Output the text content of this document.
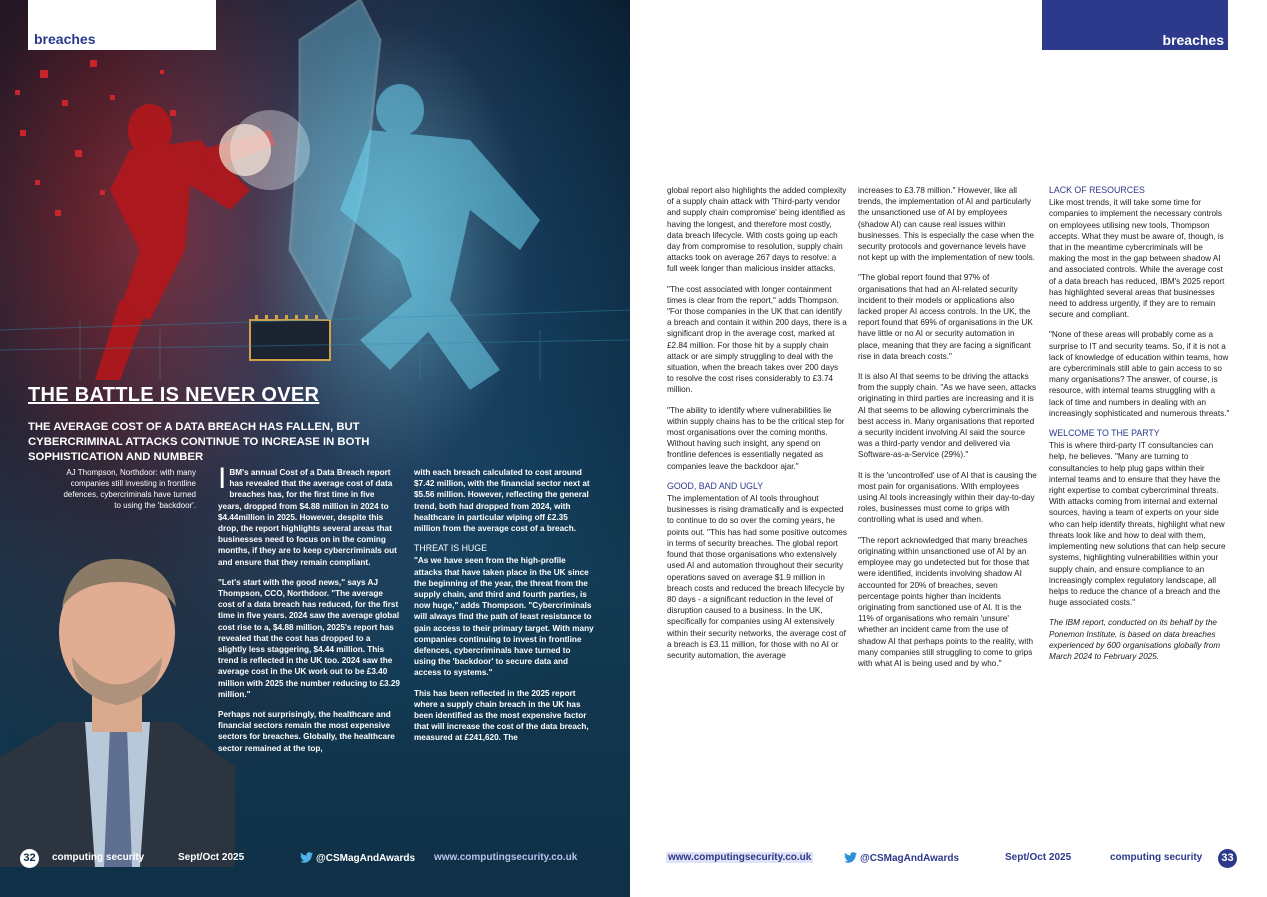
breaches
THE BATTLE IS NEVER OVER
THE AVERAGE COST OF A DATA BREACH HAS FALLEN, BUT CYBERCRIMINAL ATTACKS CONTINUE TO INCREASE IN BOTH SOPHISTICATION AND NUMBER
AJ Thompson, Northdoor: with many companies still investing in frontline defences, cybercriminals have turned to using the 'backdoor'.

IBM's annual Cost of a Data Breach report has revealed that the average cost of data breaches has, for the first time in five years, dropped from $4.88 million in 2024 to $4.44million in 2025. However, despite this drop, the report highlights several areas that businesses need to focus on in the coming months, if they are to keep cybercriminals out and ensure that they remain compliant.

"Let's start with the good news," says AJ Thompson, CCO, Northdoor. "The average cost of a data breach has reduced, for the first time in five years. 2024 saw the average global cost rise to a, $4.88 million, 2025's report has revealed that the cost has dropped to a slightly less staggering, $4.44 million. This trend is reflected in the UK too. 2024 saw the average cost in the UK work out to be £3.40 million with 2025 the number reducing to £3.29 million."

Perhaps not surprisingly, the healthcare and financial sectors remain the most expensive sectors for breaches. Globally, the healthcare sector remained at the top,

with each breach calculated to cost around $7.42 million, with the financial sector next at $5.56 million. However, reflecting the general trend, both had dropped from 2024, with healthcare in particular wiping off £2.35 million from the average cost of a breach.

THREAT IS HUGE

"As we have seen from the high-profile attacks that have taken place in the UK since the beginning of the year, the threat from the supply chain, and third and fourth parties, is now huge," adds Thompson. "Cybercriminals will always find the path of least resistance to gain access to their primary target. With many companies continuing to invest in frontline defences, cybercriminals have turned to using the 'backdoor' to secure data and access to systems."

This has been reflected in the 2025 report where a supply chain breach in the UK has been identified as the most expensive factor that will increase the cost of the data breach, measured at £241,620. The

32	computing security	Sept/Oct 2025	@CSMagAndAwards www.computingsecurity.co.uk
breaches

global report also highlights the added complexity of a supply chain attack with 'Third-party vendor and supply chain compromise' being identified as having the longest, and therefore most costly, data breach lifecycle. With costs going up each day from compromise to resolution, supply chain attacks took on average 267 days to resolve: a full week longer than malicious insider attacks.

"The cost associated with longer containment times is clear from the report," adds Thompson. "For those companies in the UK that can identify a breach and contain it within 200 days, there is a significant drop in the average cost, marked at £2.84 million. For those hit by a supply chain attack or are simply struggling to deal with the situation, when the breach takes over 200 days to resolve the cost rises considerably to £3.74 million.

"The ability to identify where vulnerabilities lie within supply chains has to be the critical step for most organisations over the coming months. Without having such insight, any spend on frontline defences is essentially negated as companies leave the backdoor ajar."

GOOD, BAD AND UGLY

The implementation of AI tools throughout businesses is rising dramatically and is expected to continue to do so over the coming years, he points out. "This has had some positive outcomes in terms of security breaches. The global report found that those organisations who extensively used AI and automation throughout their security operations saved on average $1.9 million in breach costs and reduced the breach lifecycle by 80 days - a significant reduction in the level of disruption caused to a business. In the UK, specifically for companies using AI extensively within their security networks, the average cost of a breach is £3.11 million, for those with no AI or security automation, the average

increases to £3.78 million." However, like all trends, the implementation of AI and particularly the unsanctioned use of AI by employees (shadow AI) can cause real issues within businesses. This is especially the case when the security protocols and governance levels have not kept up with the implementation of new tools.

"The global report found that 97% of organisations that had an AI-related security incident to their models or applications also lacked proper AI access controls. In the UK, the report found that 69% of organisations in the UK have little or no AI or security automation in place, meaning that they are facing a significant rise in data breach costs."

It is also AI that seems to be driving the attacks from the supply chain. "As we have seen, attacks originating in third parties are increasing and it is AI that seems to be allowing cybercriminals the best access in. Many organisations that reported a security incident involving AI said the source was a third-party vendor and delivered via Software-as-a-Service (29%)."

It is the 'uncontrolled' use of AI that is causing the most pain for organisations. With employees using AI tools increasingly within their day-to-day roles, businesses must come to grips with controlling what is used and when.

"The report acknowledged that many breaches originating within unsanctioned use of AI by an employee may go undetected but for those that were identified, incidents involving shadow AI accounted for 20% of breaches, seven percentage points higher than incidents originating from sanctioned use of AI. It is the 11% of organisations who remain 'unsure' whether an incident came from the use of shadow AI that perhaps points to the reality, with many companies still struggling to come to grips with what AI is being used and by who."

LACK OF RESOURCES

Like most trends, it will take some time for companies to implement the necessary controls on employees utilising new tools, Thompson accepts. What they must be aware of, though, is that in the meantime cybercriminals will be making the most in the gap between shadow AI and associated controls. While the average cost of a data breach has reduced, IBM's 2025 report has highlighted several areas that businesses need to address urgently, if they are to remain secure and compliant.

"None of these areas will probably come as a surprise to IT and security teams. So, if it is not a lack of knowledge of education within teams, how are cybercriminals still able to gain access to so many organisations? The answer, of course, is resource, with internal teams struggling with a lack of time and numbers in dealing with an increasingly sophisticated and numerous threats."

WELCOME TO THE PARTY

This is where third-party IT consultancies can help, he believes. "Many are turning to consultancies to help plug gaps within their internal teams and to ensure that they have the right expertise to combat cybercriminal threats. With attacks coming from internal and external sources, having a team of experts on your side who can help identify threats, highlight what new threats look like and how to deal with them, implementing new solutions that can help secure systems, highlighting vulnerabilities within your supply chain, and ensure compliance to an increasingly complex regulatory landscape, all helps to reduce the chance of a breach and the huge associated costs."

The IBM report, conducted on its behalf by the Ponemon Institute, is based on data breaches experienced by 600 organisations globally from March 2024 to February 2025.

www.computingsecurity.co.uk	@CSMagAndAwards	Sept/Oct 2025	computing security	33
